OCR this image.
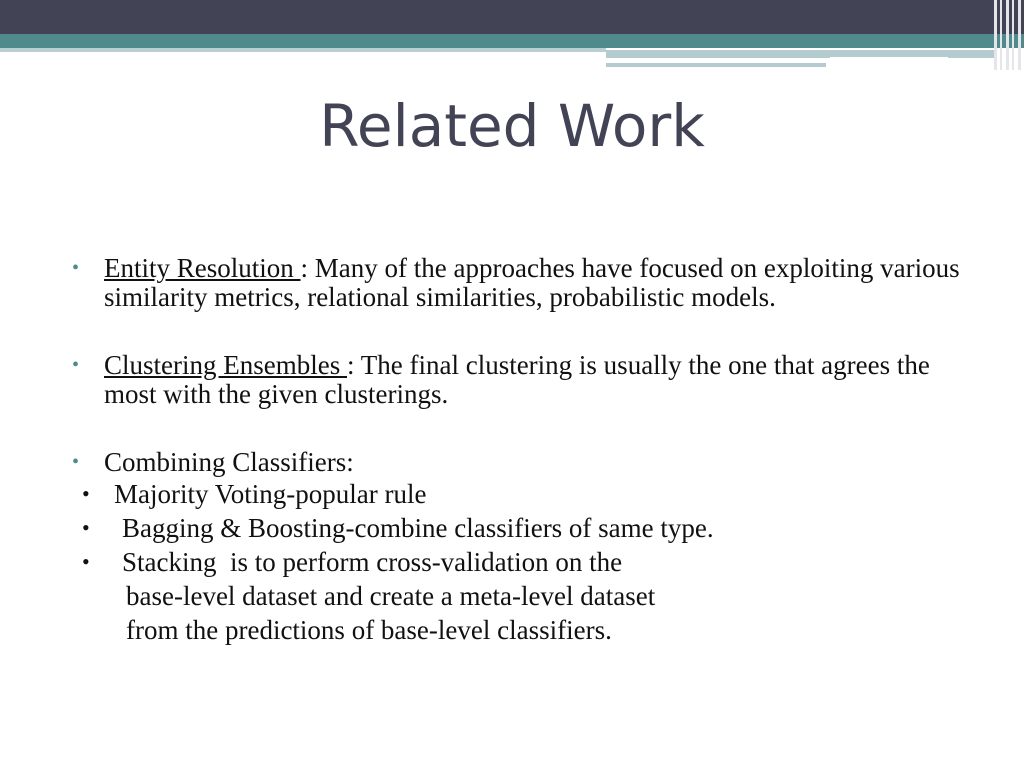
Related Work
• Entity Resolution : Many of the approaches have focused on exploiting various similarity metrics, relational similarities, probabilistic models.
• Clustering Ensembles : The final clustering is usually the one that agrees the most with the given clusterings.
• Combining Classifiers:
• Majority Voting-popular rule
• Bagging & Boosting-combine classifiers of same type.
• Stacking  is to perform cross-validation on the
base-level dataset and create a meta-level dataset
from the predictions of base-level classifiers.
